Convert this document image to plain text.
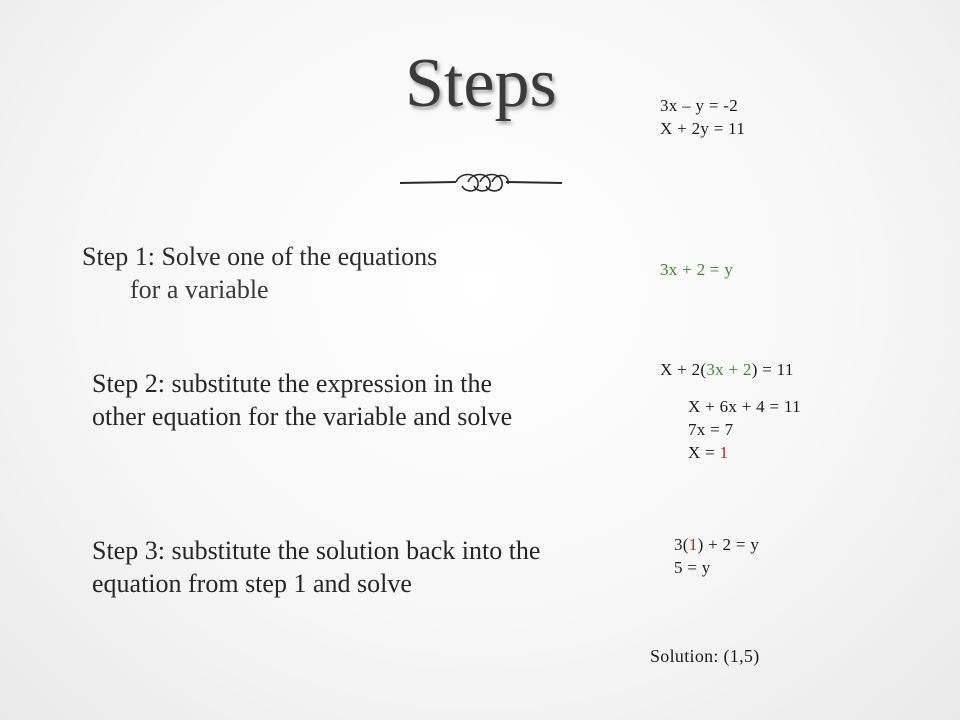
Steps
Step 1: Solve one of the equations
for a variable
Step 2: substitute the expression in the other equation for the variable and solve
Step 3: substitute the solution back into the equation from step 1 and solve
3x – y = -2
X + 2y = 11
3x + 2 = y
X + 2(3x + 2) = 11
X + 6x + 4 = 11
7x = 7
X = 1
3(1) + 2 = y
5 = y
Solution: (1,5)
